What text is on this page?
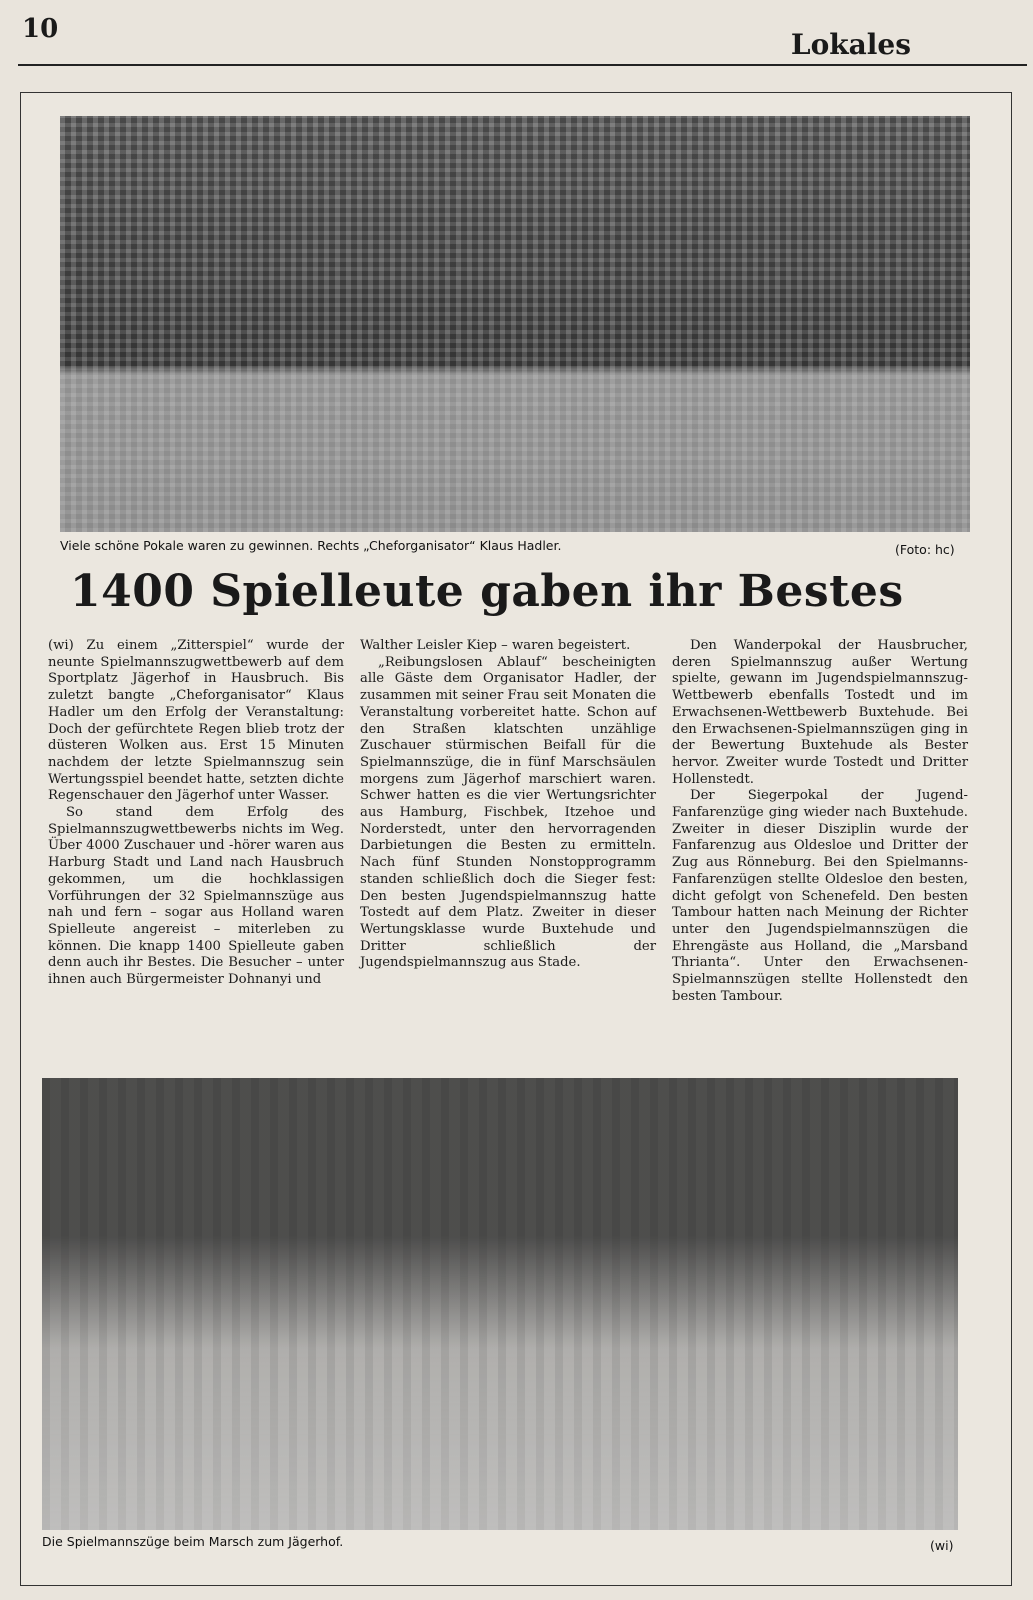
10	Lokales
Viele schöne Pokale waren zu gewinnen. Rechts „Cheforganisator“ Klaus Hadler.	(Foto: hc)
1400 Spielleute gaben ihr Bestes

(wi) Zu einem „Zitterspiel“ wurde der neunte Spielmannszugwettbewerb auf dem Sportplatz Jägerhof in Hausbruch. Bis zuletzt bangte „Cheforganisator“ Klaus Hadler um den Erfolg der Veranstaltung: Doch der gefürchtete Regen blieb trotz der düsteren Wolken aus. Erst 15 Minuten nachdem der letzte Spielmannszug sein Wertungsspiel beendet hatte, setzten dichte Regenschauer den Jägerhof unter Wasser.

So stand dem Erfolg des Spielmannszugwettbewerbs nichts im Weg. Über 4000 Zuschauer und -hörer waren aus Harburg Stadt und Land nach Hausbruch gekommen, um die hochklassigen Vorführungen der 32 Spielmannszüge aus nah und fern – sogar aus Holland waren Spielleute angereist – miterleben zu können. Die knapp 1400 Spielleute gaben denn auch ihr Bestes. Die Besucher – unter ihnen auch Bürgermeister Dohnanyi und

Walther Leisler Kiep – waren begeistert.

„Reibungslosen Ablauf“ bescheinigten alle Gäste dem Organisator Hadler, der zusammen mit seiner Frau seit Monaten die Veranstaltung vorbereitet hatte. Schon auf den Straßen klatschten unzählige Zuschauer stürmischen Beifall für die Spielmannszüge, die in fünf Marschsäulen morgens zum Jägerhof marschiert waren. Schwer hatten es die vier Wertungsrichter aus Hamburg, Fischbek, Itzehoe und Norderstedt, unter den hervorragenden Darbietungen die Besten zu ermitteln. Nach fünf Stunden Nonstopprogramm standen schließlich doch die Sieger fest: Den besten Jugendspielmannszug hatte Tostedt auf dem Platz. Zweiter in dieser Wertungsklasse wurde Buxtehude und Dritter schließlich der Jugendspielmannszug aus Stade.

Den Wanderpokal der Hausbrucher, deren Spielmannszug außer Wertung spielte, gewann im Jugendspielmannszug-Wettbewerb ebenfalls Tostedt und im Erwachsenen-Wettbewerb Buxtehude. Bei den Erwachsenen-Spielmannszügen ging in der Bewertung Buxtehude als Bester hervor. Zweiter wurde Tostedt und Dritter Hollenstedt.

Der Siegerpokal der Jugend-Fanfarenzüge ging wieder nach Buxtehude. Zweiter in dieser Disziplin wurde der Fanfarenzug aus Oldesloe und Dritter der Zug aus Rönneburg. Bei den Spielmanns-Fanfarenzügen stellte Oldesloe den besten, dicht gefolgt von Schenefeld. Den besten Tambour hatten nach Meinung der Richter unter den Jugendspielmannszügen die Ehrengäste aus Holland, die „Marsband Thrianta“. Unter den Erwachsenen-Spielmannszügen stellte Hollenstedt den besten Tambour.

Die Spielmannszüge beim Marsch zum Jägerhof.	(wi)
